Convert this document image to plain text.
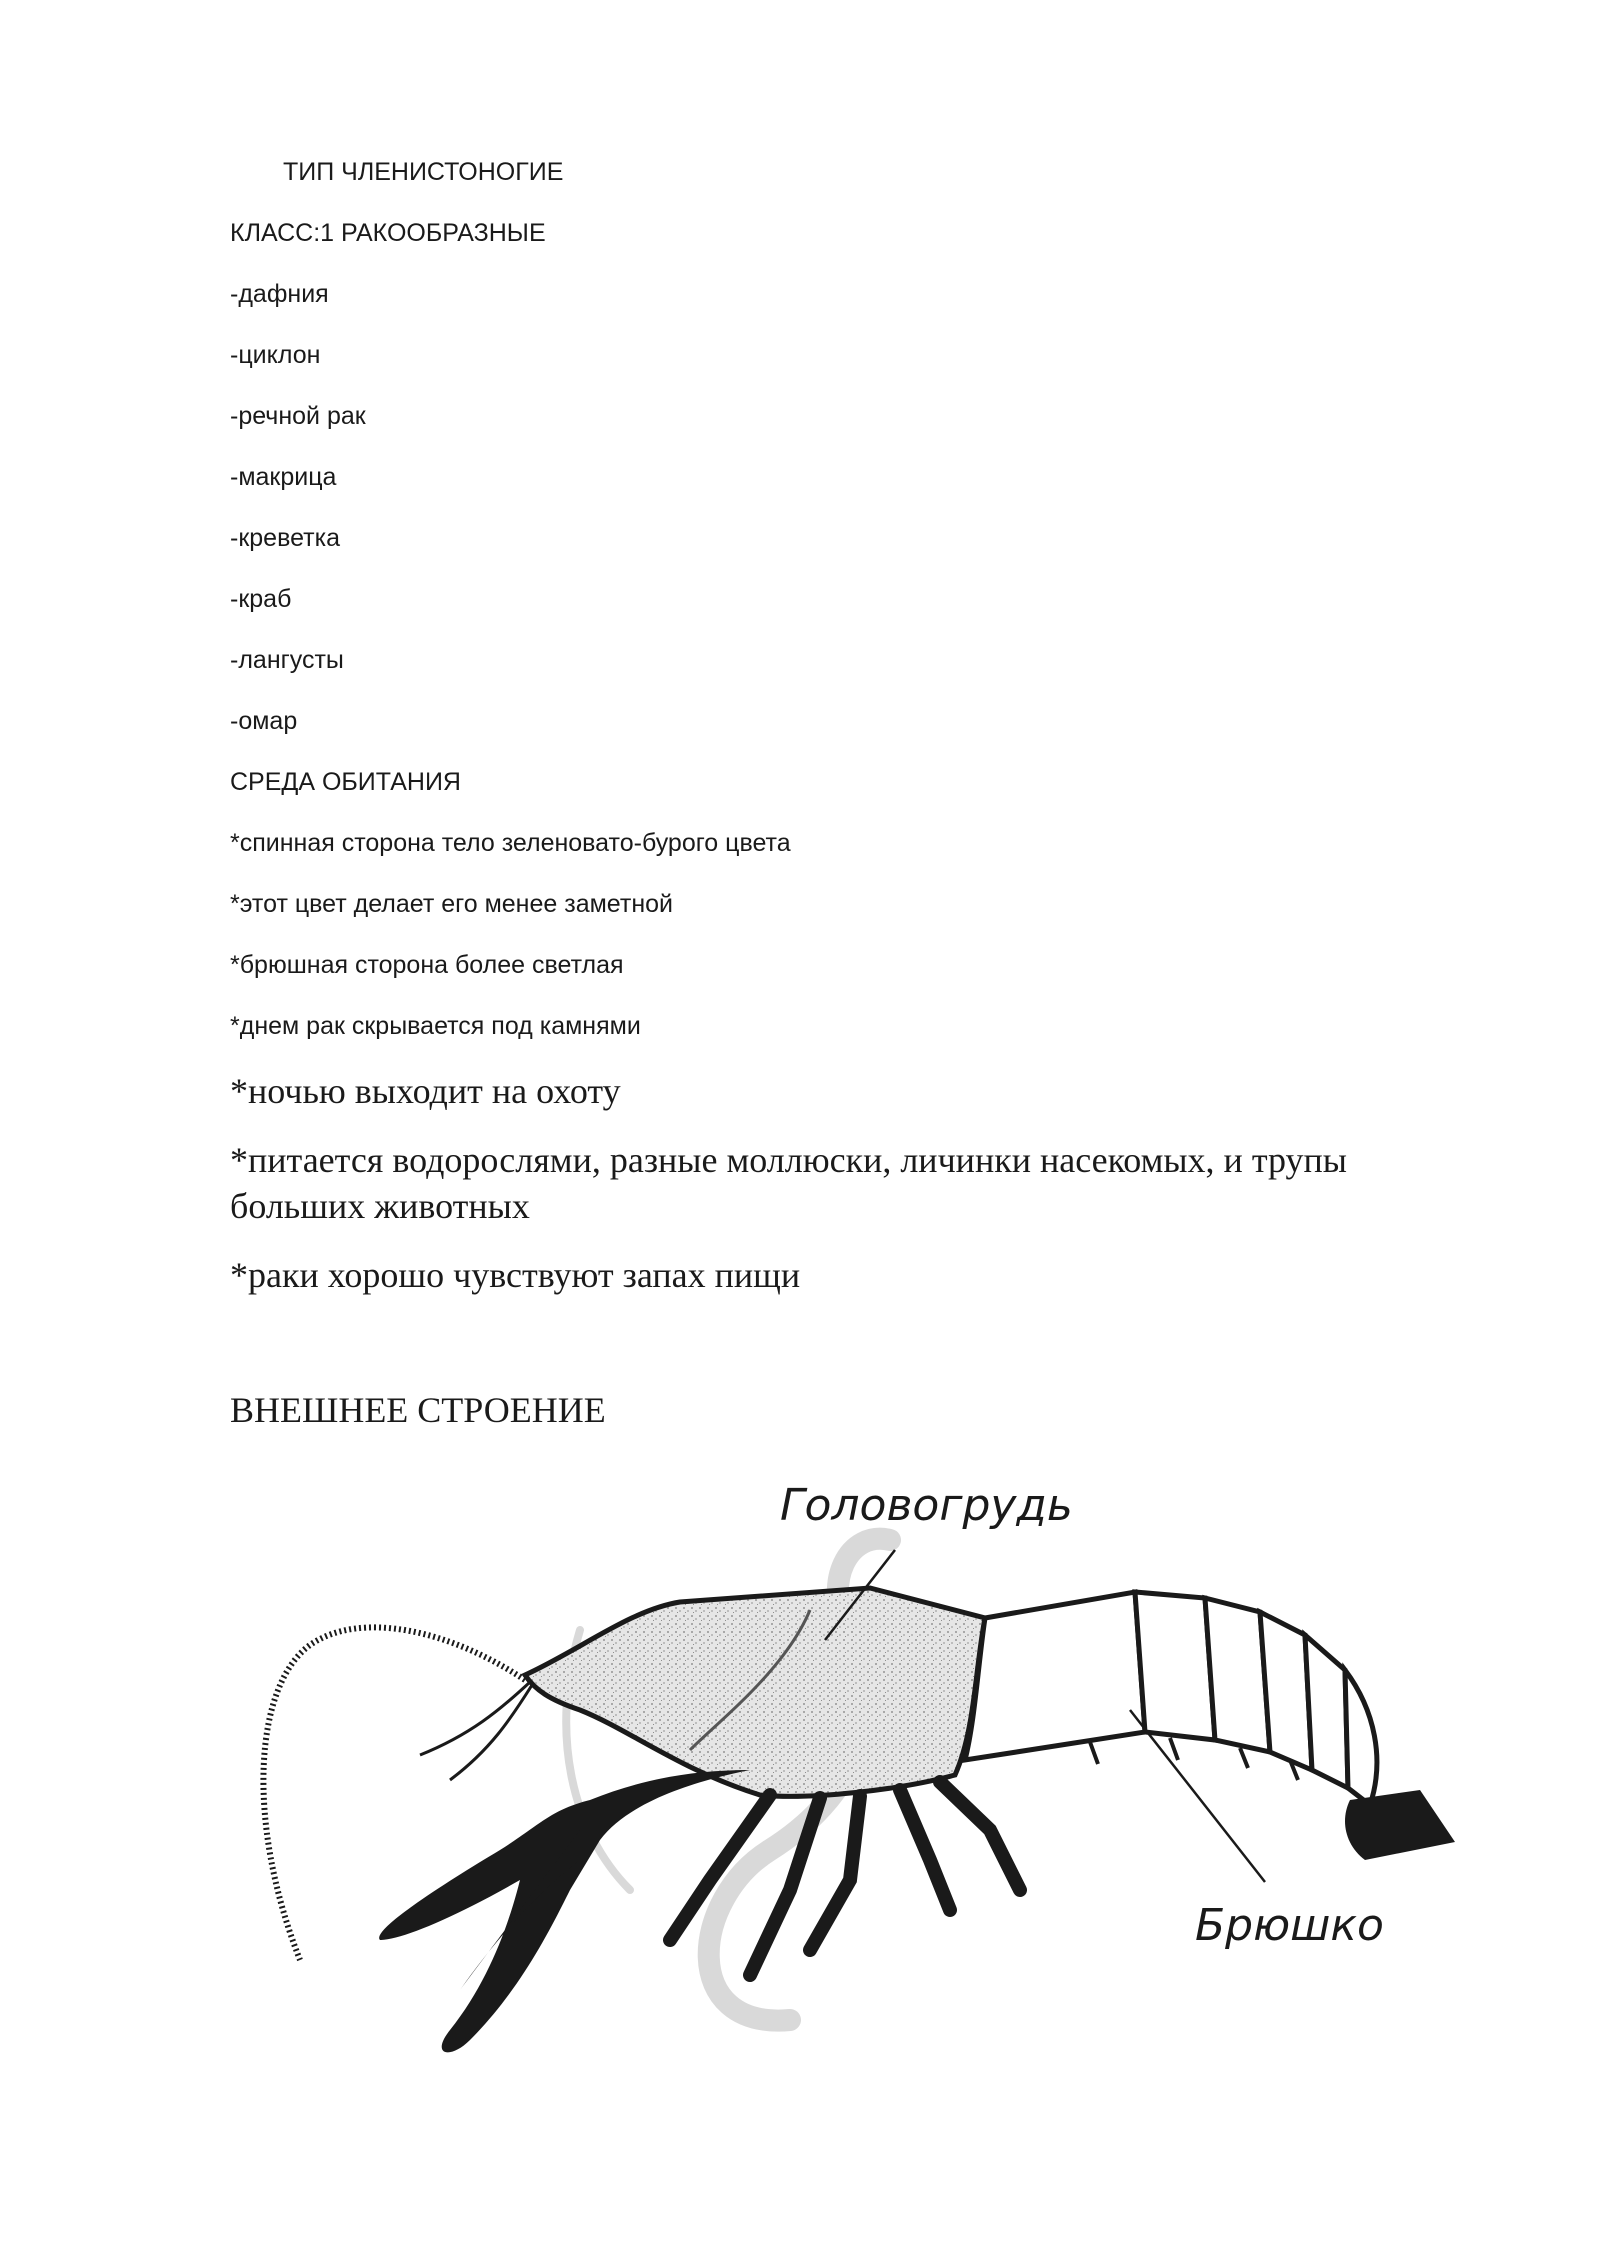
ТИП ЧЛЕНИСТОНОГИЕ
КЛАСС:1 РАКООБРАЗНЫЕ
-дафния
-циклон
-речной рак
-макрица
-креветка
-краб
-лангусты
-омар
СРЕДА ОБИТАНИЯ
*спинная сторона тело зеленовато-бурого цвета
*этот цвет делает его менее заметной
*брюшная сторона более светлая
*днем рак скрывается под камнями
*ночью выходит на охоту
*питается водорослями, разные моллюски, личинки насекомых, и трупы больших животных
*раки хорошо чувствуют запах пищи
ВНЕШНЕЕ СТРОЕНИЕ
Головогрудь
Брюшко
